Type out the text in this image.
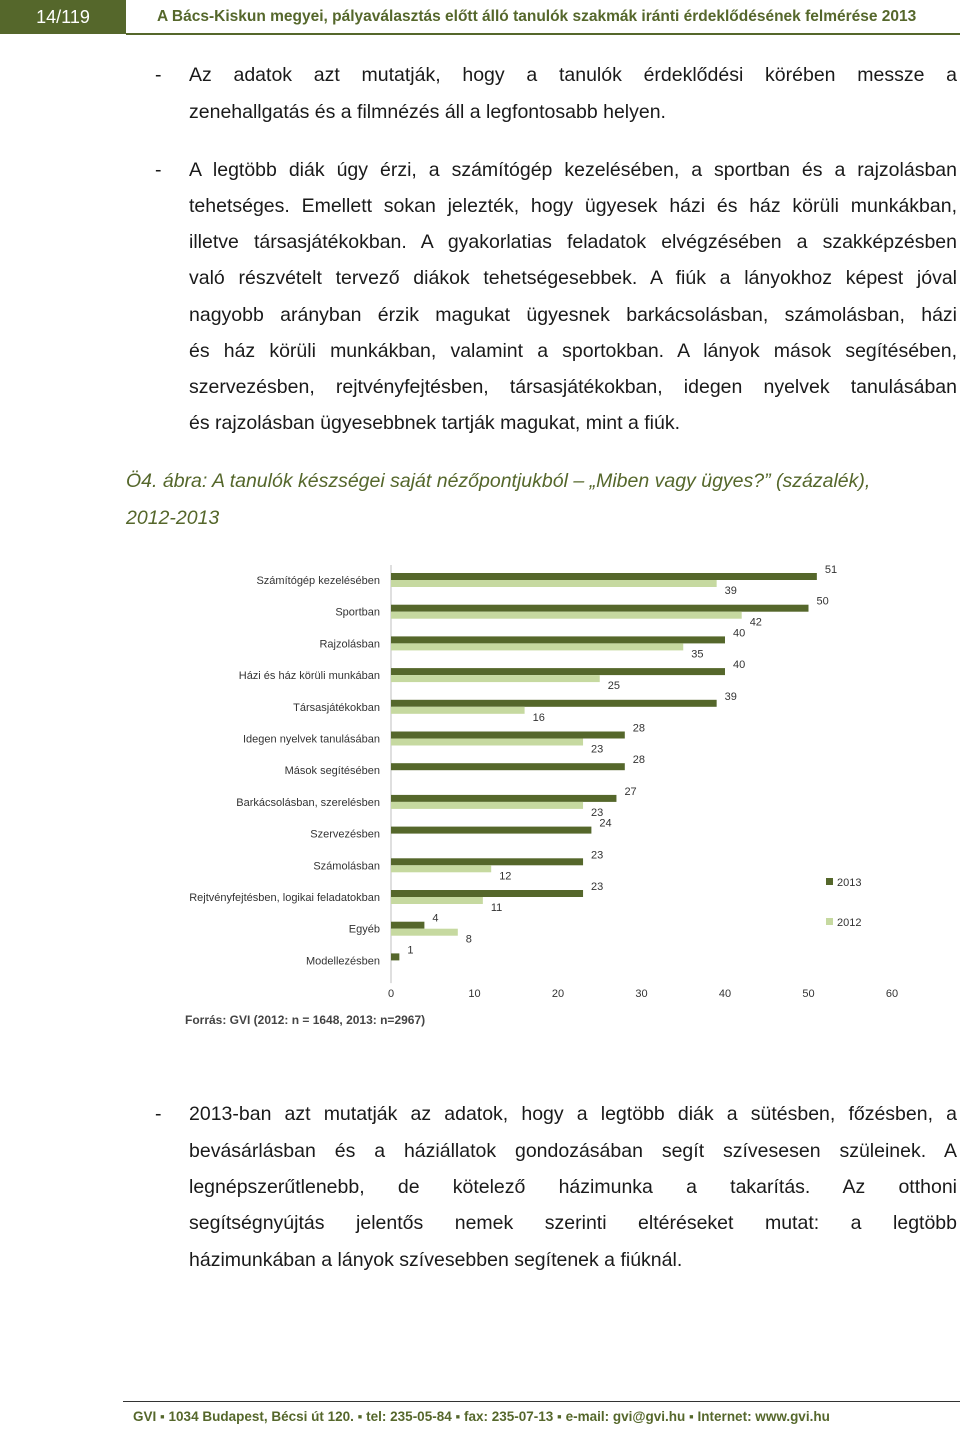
14/119	A Bács-Kiskun megyei, pályaválasztás előtt álló tanulók szakmák iránti érdeklődésének felmérése 2013
- Az adatok azt mutatják, hogy a tanulók érdeklődési körében messze a
zenehallgatás és a filmnézés áll a legfontosabb helyen.
- A legtöbb diák úgy érzi, a számítógép kezelésében, a sportban és a rajzolásban
tehetséges. Emellett sokan jelezték, hogy ügyesek házi és ház körüli munkákban,
illetve társasjátékokban. A gyakorlatias feladatok elvégzésében a szakképzésben
való részvételt tervező diákok tehetségesebbek. A fiúk a lányokhoz képest jóval
nagyobb arányban érzik magukat ügyesnek barkácsolásban, számolásban, házi
és ház körüli munkákban, valamint a sportokban. A lányok mások segítésében,
szervezésben, rejtvényfejtésben, társasjátékokban, idegen nyelvek tanulásában
és rajzolásban ügyesebbnek tartják magukat, mint a fiúk.
Ö4. ábra: A tanulók készségei saját nézőpontjukból – „Miben vagy ügyes?” (százalék),
2012-2013
Számítógép kezelésében
51
39
Sportban
50
42
Rajzolásban
40
35
Házi és ház körüli munkában
40
25
Társasjátékokban
39
16
Idegen nyelvek tanulásában
28
23
Mások segítésében
28
Barkácsolásban, szerelésben
27
23
Szervezésben
24
Számolásban
23
12
Rejtvényfejtésben, logikai feladatokban
23
11
Egyéb
4
8
Modellezésben
1
0	10	20	30	40	50	60
2013
2012
Forrás: GVI (2012: n = 1648, 2013: n=2967)
- 2013-ban azt mutatják az adatok, hogy a legtöbb diák a sütésben, főzésben, a
bevásárlásban és a háziállatok gondozásában segít szívesesen szüleinek. A
legnépszerűtlenebb, de kötelező házimunka a takarítás. Az otthoni
segítségnyújtás jelentős nemek szerinti eltéréseket mutat: a legtöbb
házimunkában a lányok szívesebben segítenek a fiúknál.
GVI ▪ 1034 Budapest, Bécsi út 120. ▪ tel: 235-05-84 ▪ fax: 235-07-13 ▪ e-mail: gvi@gvi.hu ▪ Internet: www.gvi.hu
